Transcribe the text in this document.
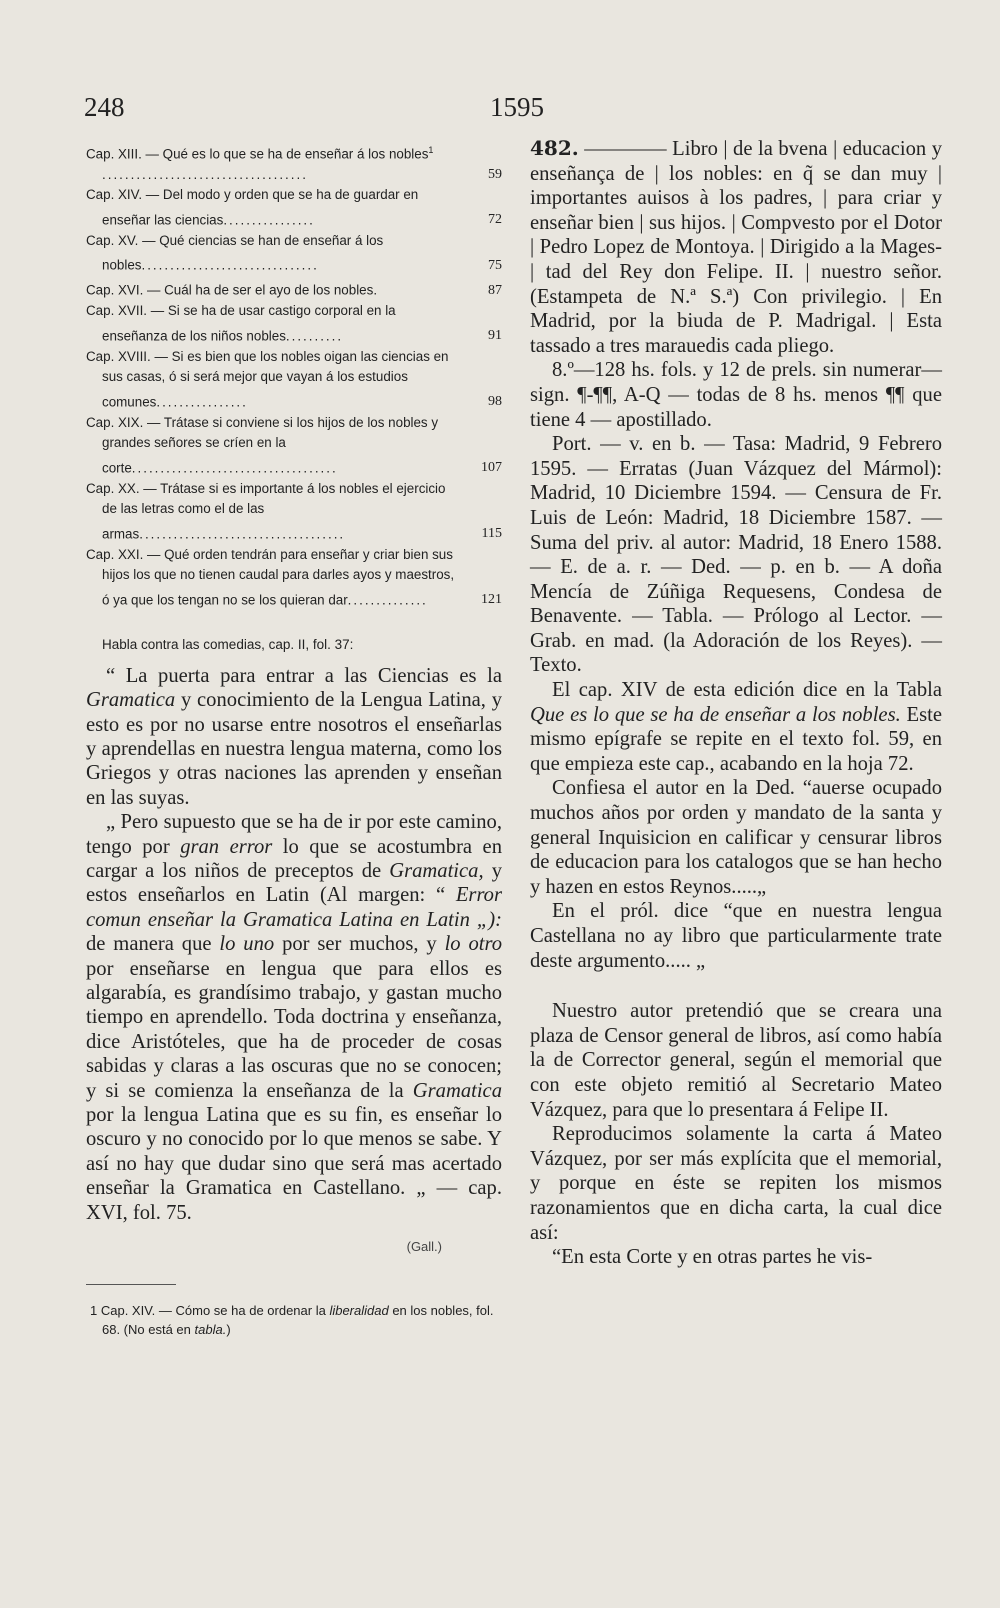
248	1595
Cap. XIII. — Qué es lo que se ha de enseñar á los nobles$^1$ ....................................	59
Cap. XIV. — Del modo y orden que se ha de guardar en enseñar las ciencias................	72
Cap. XV. — Qué ciencias se han de enseñar á los nobles...............................	75
Cap. XVI. — Cuál ha de ser el ayo de los nobles.	87
Cap. XVII. — Si se ha de usar castigo corporal en la enseñanza de los niños nobles..........	91
Cap. XVIII. — Si es bien que los nobles oigan las ciencias en sus casas, ó si será mejor que vayan á los estudios comunes................	98
Cap. XIX. — Trátase si conviene si los hijos de los nobles y grandes señores se críen en la corte....................................	107
Cap. XX. — Trátase si es importante á los nobles el ejercicio de las letras como el de las armas....................................	115
Cap. XXI. — Qué orden tendrán para enseñar y criar bien sus hijos los que no tienen caudal para darles ayos y maestros, ó ya que los tengan no se los quieran dar..............	121
Habla contra las comedias, cap. II, fol. 37:

“ La puerta para entrar a las Ciencias es la Gramatica y conocimiento de la Lengua Latina, y esto es por no usarse entre nosotros el enseñarlas y aprendellas en nuestra lengua materna, como los Griegos y otras naciones las aprenden y enseñan en las suyas.

„ Pero supuesto que se ha de ir por este camino, tengo por gran error lo que se acostumbra en cargar a los niños de preceptos de Gramatica, y estos enseñarlos en Latin (Al margen: “ Error comun enseñar la Gramatica Latina en Latin „): de manera que lo uno por ser muchos, y lo otro por enseñarse en lengua que para ellos es algarabía, es grandísimo trabajo, y gastan mucho tiempo en aprendello. Toda doctrina y enseñanza, dice Aristóteles, que ha de proceder de cosas sabidas y claras a las oscuras que no se conocen; y si se comienza la enseñanza de la Gramatica por la lengua Latina que es su fin, es enseñar lo oscuro y no conocido por lo que menos se sabe. Y así no hay que dudar sino que será mas acertado enseñar la Gramatica en Castellano. „ — cap. XVI, fol. 75.

(Gall.)
1 Cap. XIV. — Cómo se ha de ordenar la liberalidad en los nobles, fol. 68. (No está en tabla.)

482. ———— Libro | de la bvena | educacion y enseñança de | los nobles: en q̃ se dan muy | importantes auisos à los padres, | para criar y enseñar bien | sus hijos. | Compvesto por el Dotor | Pedro Lopez de Montoya. | Dirigido a la Mages-| tad del Rey don Felipe. II. | nuestro señor. (Estampeta de N.ª S.ª) Con privilegio. | En Madrid, por la biuda de P. Madrigal. | Esta tassado a tres marauedis cada pliego.

8.º—128 hs. fols. y 12 de prels. sin numerar—sign. ¶-¶¶, A-Q — todas de 8 hs. menos ¶¶ que tiene 4 — apostillado.

Port. — v. en b. — Tasa: Madrid, 9 Febrero 1595. — Erratas (Juan Vázquez del Mármol): Madrid, 10 Diciembre 1594. — Censura de Fr. Luis de León: Madrid, 18 Diciembre 1587. — Suma del priv. al autor: Madrid, 18 Enero 1588. — E. de a. r. — Ded. — p. en b. — A doña Mencía de Zúñiga Requesens, Condesa de Benavente. — Tabla. — Prólogo al Lector. — Grab. en mad. (la Adoración de los Reyes). — Texto.

El cap. XIV de esta edición dice en la Tabla Que es lo que se ha de enseñar a los nobles. Este mismo epígrafe se repite en el texto fol. 59, en que empieza este cap., acabando en la hoja 72.

Confiesa el autor en la Ded. “auerse ocupado muchos años por orden y mandato de la santa y general Inquisicion en calificar y censurar libros de educacion para los catalogos que se han hecho y hazen en estos Reynos.....„

En el pról. dice “que en nuestra lengua Castellana no ay libro que particularmente trate deste argumento..... „

Nuestro autor pretendió que se creara una plaza de Censor general de libros, así como había la de Corrector general, según el memorial que con este objeto remitió al Secretario Mateo Vázquez, para que lo presentara á Felipe II.

Reproducimos solamente la carta á Mateo Vázquez, por ser más explícita que el memorial, y porque en éste se repiten los mismos razonamientos que en dicha carta, la cual dice así:

“En esta Corte y en otras partes he vis-
